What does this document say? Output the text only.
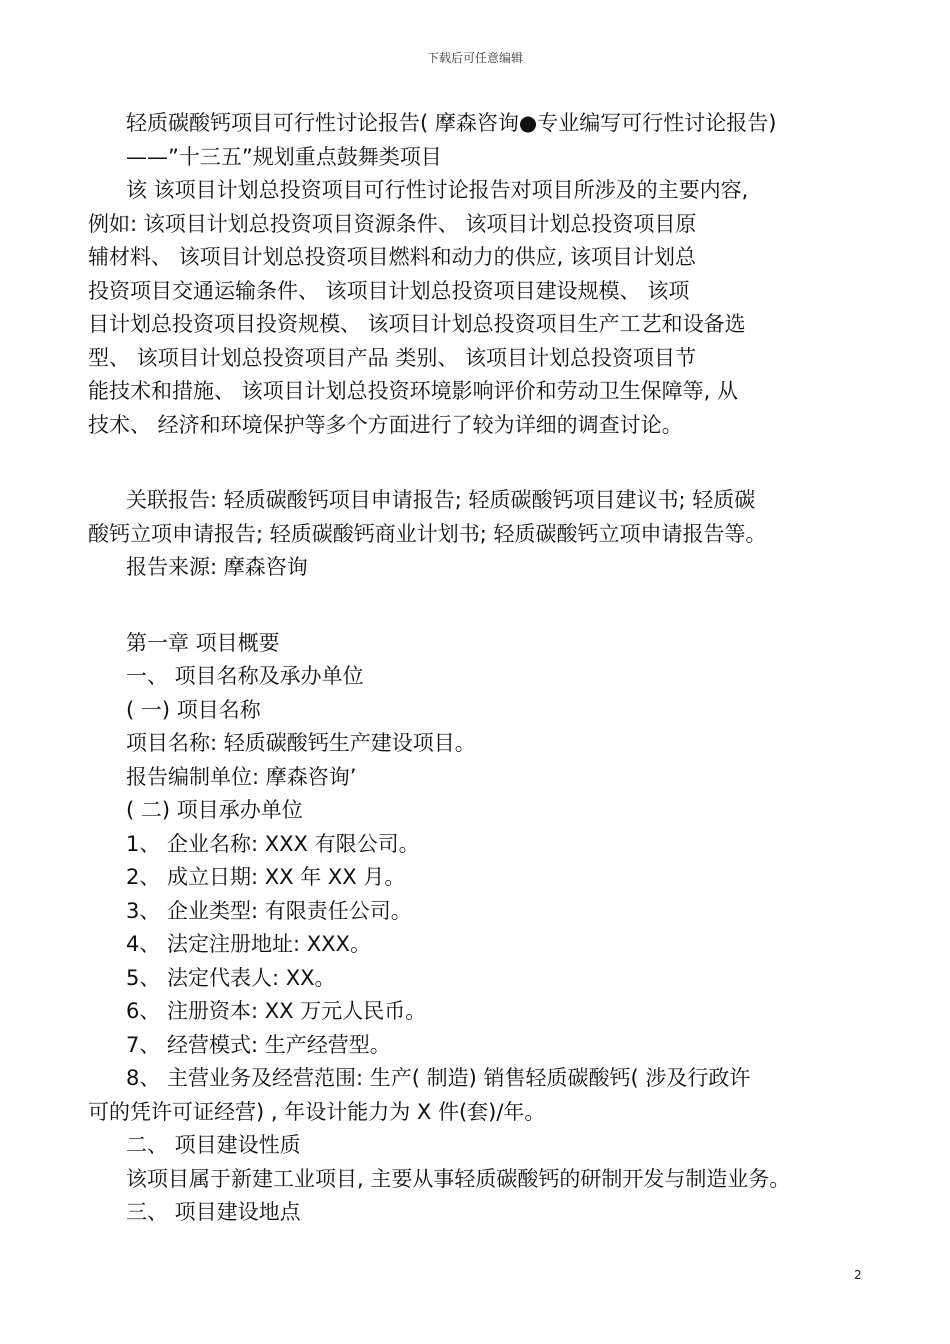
下载后可任意编辑
轻质碳酸钙项目可行性讨论报告( 摩森咨询●专业编写可行性讨论报告)
——”十三五”规划重点鼓舞类项目
该 该项目计划总投资项目可行性讨论报告对项目所涉及的主要内容,
例如: 该项目计划总投资项目资源条件、 该项目计划总投资项目原
辅材料、 该项目计划总投资项目燃料和动力的供应, 该项目计划总
投资项目交通运输条件、 该项目计划总投资项目建设规模、 该项
目计划总投资项目投资规模、 该项目计划总投资项目生产工艺和设备选
型、 该项目计划总投资项目产品 类别、 该项目计划总投资项目节
能技术和措施、 该项目计划总投资环境影响评价和劳动卫生保障等, 从
技术、 经济和环境保护等多个方面进行了较为详细的调查讨论。
关联报告: 轻质碳酸钙项目申请报告; 轻质碳酸钙项目建议书; 轻质碳
酸钙立项申请报告; 轻质碳酸钙商业计划书; 轻质碳酸钙立项申请报告等。
报告来源: 摩森咨询
第一章 项目概要
一、 项目名称及承办单位
( 一) 项目名称
项目名称: 轻质碳酸钙生产建设项目。
报告编制单位: 摩森咨询’
( 二) 项目承办单位
1、 企业名称: XXX 有限公司。
2、 成立日期: XX 年 XX 月。
3、 企业类型: 有限责任公司。
4、 法定注册地址: XXX。
5、 法定代表人: XX。
6、 注册资本: XX 万元人民币。
7、 经营模式: 生产经营型。
8、 主营业务及经营范围: 生产( 制造) 销售轻质碳酸钙( 涉及行政许
可的凭许可证经营) , 年设计能力为 X 件(套)/年。
二、 项目建设性质
该项目属于新建工业项目, 主要从事轻质碳酸钙的研制开发与制造业务。
三、 项目建设地点
2
